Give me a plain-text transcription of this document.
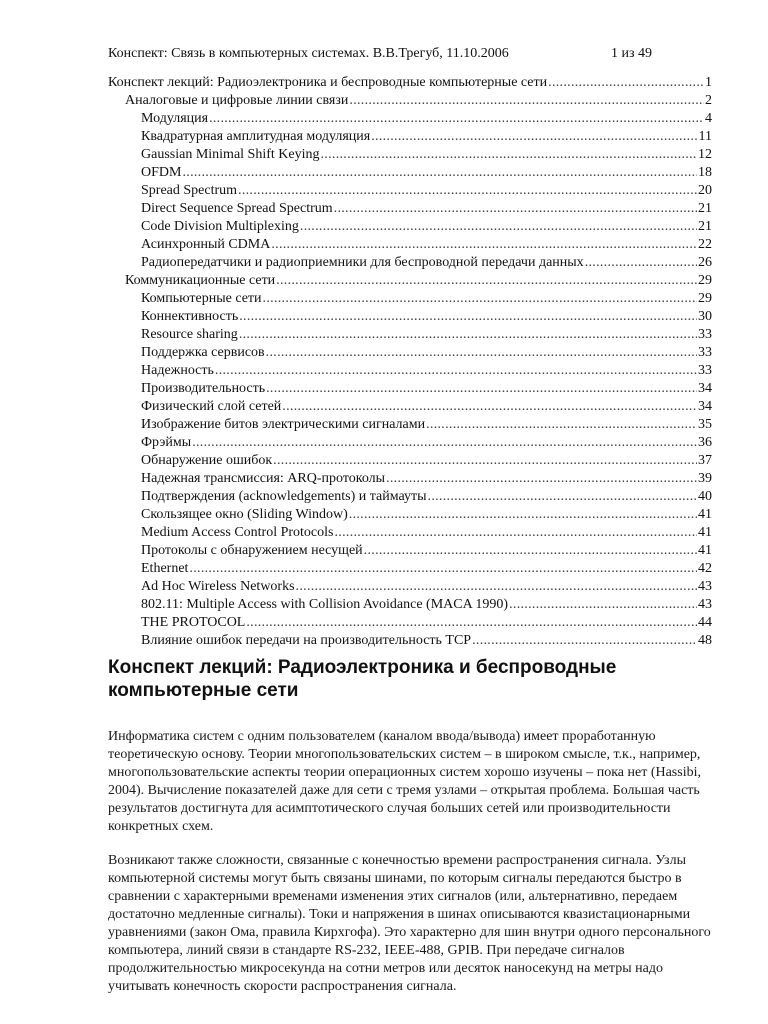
Конспект: Связь в компьютерных системах. В.В.Трегуб, 11.10.2006	1 из 49
Конспект лекций: Радиоэлектроника и беспроводные компьютерные сети .....	1
Аналоговые и цифровые линии связи .....	2
Модуляция .....	4
Квадратурная амплитудная модуляция .....	11
Gaussian Minimal Shift Keying .....	12
OFDM .....	18
Spread Spectrum .....	20
Direct Sequence Spread Spectrum .....	21
Code Division Multiplexing .....	21
Асинхронный CDMA .....	22
Радиопередатчики и радиоприемники для беспроводной передачи данных .....	26
Коммуникационные сети .....	29
Компьютерные сети .....	29
Коннективность .....	30
Resource sharing .....	33
Поддержка сервисов .....	33
Надежность .....	33
Производительность .....	34
Физический слой сетей .....	34
Изображение битов электрическими сигналами .....	35
Фрэймы .....	36
Обнаружение ошибок .....	37
Надежная трансмиссия: ARQ-протоколы .....	39
Подтверждения (acknowledgements) и таймауты .....	40
Скользящее окно (Sliding Window) .....	41
Medium Access Control Protocols .....	41
Протоколы с обнаружением несущей .....	41
Ethernet .....	42
Ad Hoc Wireless Networks .....	43
802.11: Multiple Access with Collision Avoidance (MACA 1990) .....	43
THE PROTOCOL .....	44
Влияние ошибок передачи на производительность TCP .....	48
Конспект лекций: Радиоэлектроника и беспроводные компьютерные сети

Информатика систем с одним пользователем (каналом ввода/вывода) имеет проработанную теоретическую основу. Теории многопользовательских систем – в широком смысле, т.к., например, многопользовательские аспекты теории операционных систем хорошо изучены – пока нет (Hassibi, 2004). Вычисление показателей даже для сети с тремя узлами – открытая проблема. Большая часть результатов достигнута для асимптотического случая больших сетей или производительности конкретных схем.

Возникают также сложности, связанные с конечностью времени распространения сигнала. Узлы компьютерной системы могут быть связаны шинами, по которым сигналы передаются быстро в сравнении с характерными временами изменения этих сигналов (или, альтернативно, передаем достаточно медленные сигналы). Токи и напряжения в шинах описываются квазистационарными уравнениями (закон Ома, правила Кирхгофа). Это характерно для шин внутри одного персонального компьютера, линий связи в стандарте RS-232, IEEE-488, GPIB. При передаче сигналов продолжительностью микросекунда на сотни метров или десяток наносекунд на метры надо учитывать конечность скорости распространения сигнала.
